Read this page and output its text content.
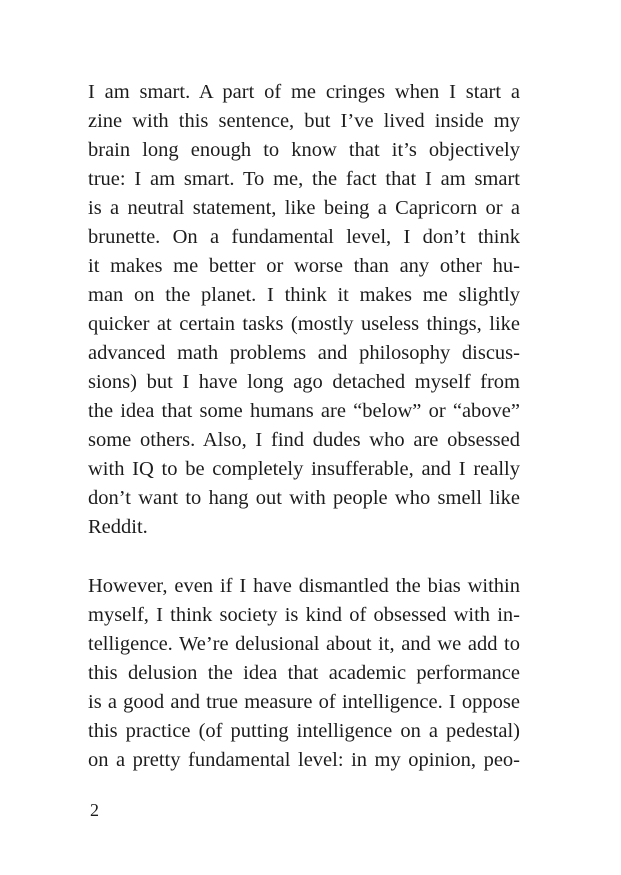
I am smart. A part of me cringes when I start a
zine with this sentence, but I’ve lived inside my
brain long enough to know that it’s objectively
true: I am smart. To me, the fact that I am smart
is a neutral statement, like being a Capricorn or a
brunette. On a fundamental level, I don’t think
it makes me better or worse than any other hu-
man on the planet. I think it makes me slightly
quicker at certain tasks (mostly useless things, like
advanced math problems and philosophy discus-
sions) but I have long ago detached myself from
the idea that some humans are “below” or “above”
some others. Also, I find dudes who are obsessed
with IQ to be completely insufferable, and I really
don’t want to hang out with people who smell like
Reddit.
However, even if I have dismantled the bias within
myself, I think society is kind of obsessed with in-
telligence. We’re delusional about it, and we add to
this delusion the idea that academic performance
is a good and true measure of intelligence. I oppose
this practice (of putting intelligence on a pedestal)
on a pretty fundamental level: in my opinion, peo-
2
